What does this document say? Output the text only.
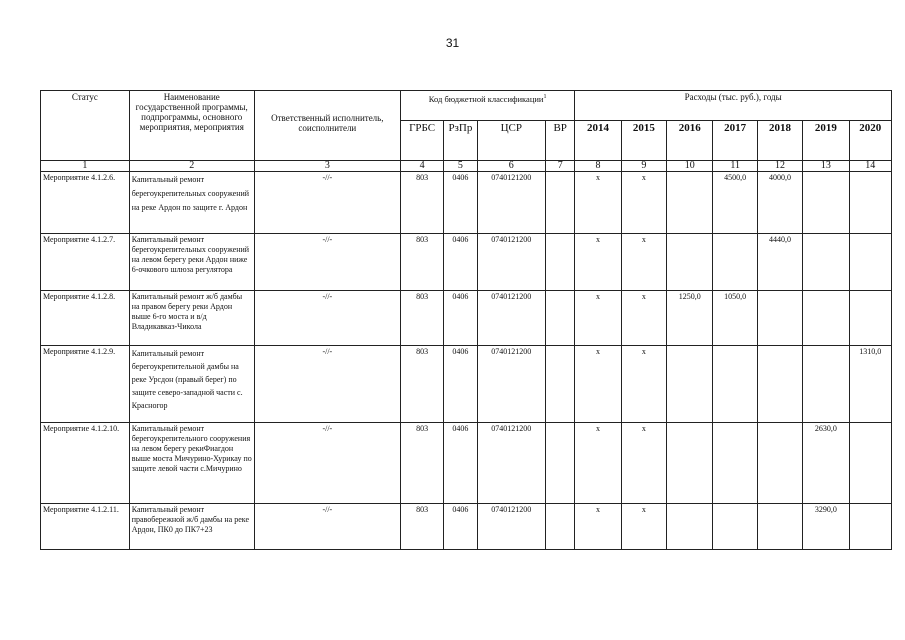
31
Статус	Наименование государственной программы, подпрограммы, основного мероприятия, мероприятия	Ответственный исполнитель, соисполнители	Код бюджетной классификации$^1$				Расходы (тыс. руб.), годы						
			ГРБС	РзПр	ЦСР	ВР	2014	2015	2016	2017	2018	2019	2020
1	2	3	4	5	6	7	8	9	10	11	12	13	14
Мероприятие 4.1.2.6.	Капитальный ремонт берегоукрепительных сооружений на реке Ардон по защите г. Ардон	-//-	803	0406	0740121200		х	х		4500,0	4000,0		
Мероприятие 4.1.2.7.	Капитальный ремонт берегоукрепительных сооружений на левом берегу реки Ардон ниже 6-очкового шлюза регулятора	-//-	803	0406	0740121200		х	х			4440,0		
Мероприятие 4.1.2.8.	Капитальный ремонт ж/б дамбы на правом берегу реки Ардон выше 6-го моста и в/д Владикавказ-Чикола	-//-	803	0406	0740121200		х	х	1250,0	1050,0			
Мероприятие 4.1.2.9.	Капитальный ремонт берегоукрепительной дамбы на реке Урсдон (правый берег) по защите северо-западной части с. Красногор	-//-	803	0406	0740121200		х	х					1310,0
Мероприятие 4.1.2.10.	Капитальный ремонт берегоукрепительного сооружения на левом берегу рекиФиагдон выше моста Мичурино-Хурикау по защите левой части с.Мичурино	-//-	803	0406	0740121200		х	х				2630,0	
Мероприятие 4.1.2.11.	Капитальный ремонт правобережной ж/б дамбы на реке Ардон, ПК0 до ПК7+23	-//-	803	0406	0740121200		х	х				3290,0	
